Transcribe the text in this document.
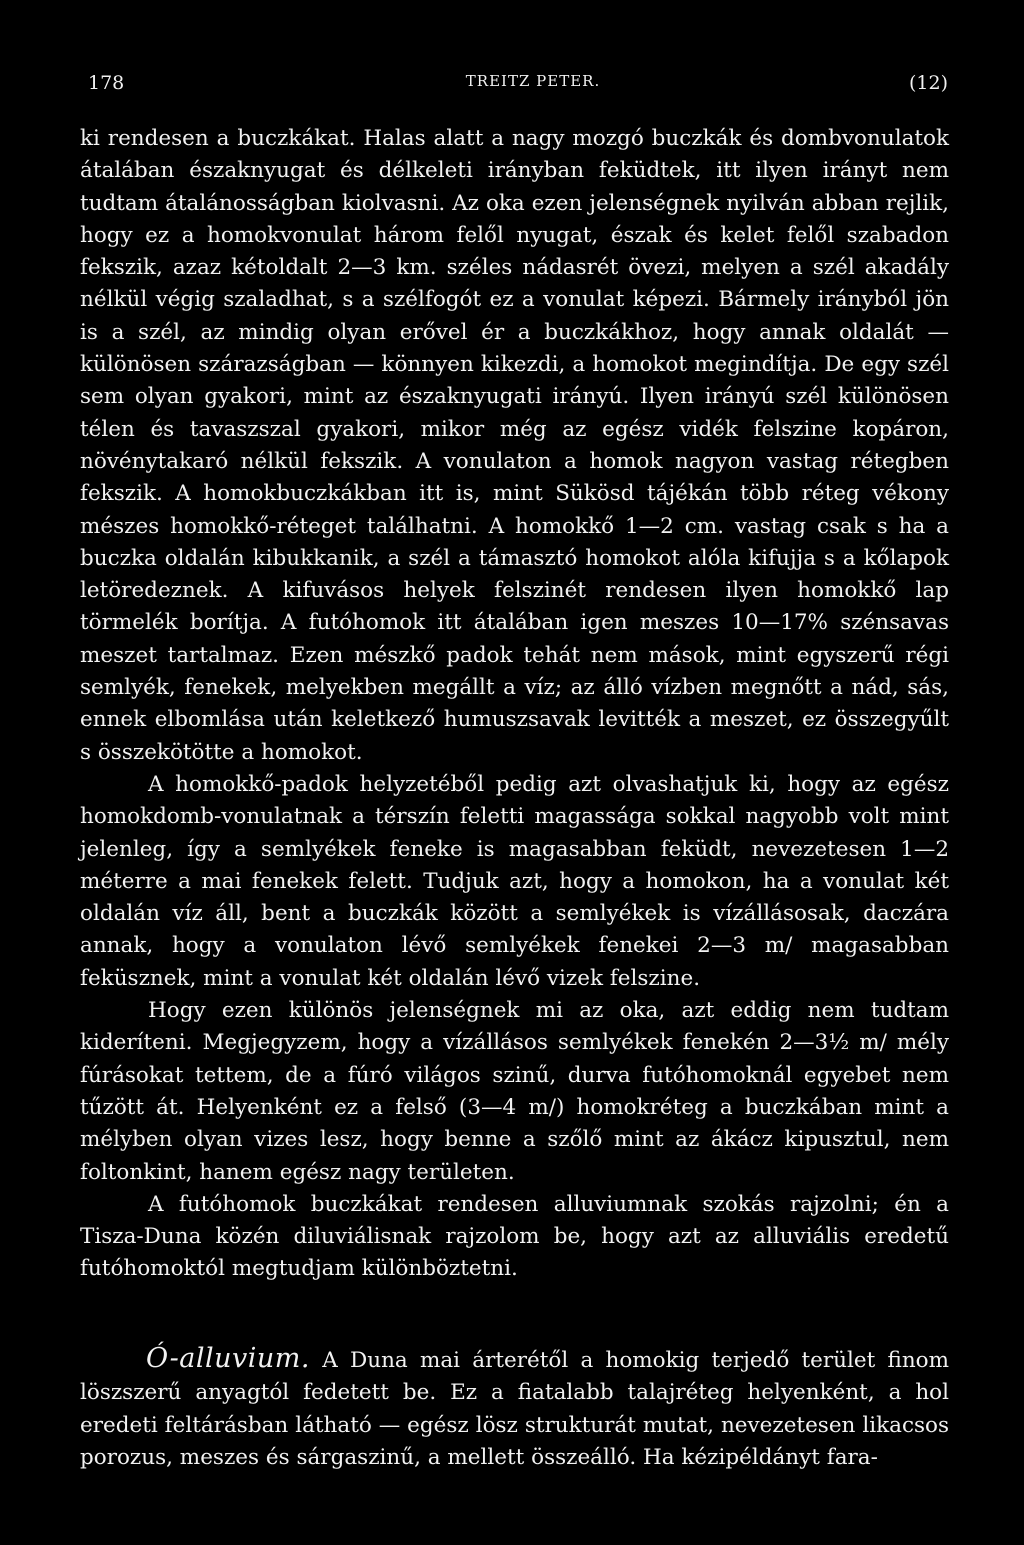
178	TREITZ PETER.	(12)

ki rendesen a buczkákat. Halas alatt a nagy mozgó buczkák és dombvonulatok átalában északnyugat és délkeleti irányban feküdtek, itt ilyen irányt nem tudtam átalánosságban kiolvasni. Az oka ezen jelenségnek nyilván abban rejlik, hogy ez a homokvonulat három felől nyugat, észak és kelet felől szabadon fekszik, azaz kétoldalt 2—3 km. széles nádasrét övezi, melyen a szél akadály nélkül végig szaladhat, s a szélfogót ez a vonulat képezi. Bármely irányból jön is a szél, az mindig olyan erővel ér a buczkákhoz, hogy annak oldalát — különösen szárazságban — könnyen kikezdi, a homokot megindítja. De egy szél sem olyan gyakori, mint az északnyugati irányú. Ilyen irányú szél különösen télen és tavaszszal gyakori, mikor még az egész vidék felszine kopáron, növénytakaró nélkül fekszik. A vonulaton a homok nagyon vastag rétegben fekszik. A homokbuczkákban itt is, mint Sükösd tájékán több réteg vékony mészes homokkő-réteget találhatni. A homokkő 1—2 cm. vastag csak s ha a buczka oldalán kibukkanik, a szél a támasztó homokot alóla kifujja s a kőlapok letöredeznek. A kifuvásos helyek felszinét rendesen ilyen homokkő lap törmelék borítja. A futóhomok itt átalában igen meszes 10—17% szénsavas meszet tartalmaz. Ezen mészkő padok tehát nem mások, mint egyszerű régi semlyék, fenekek, melyekben megállt a víz; az álló vízben megnőtt a nád, sás, ennek elbomlása után keletkező humuszsavak levitték a meszet, ez összegyűlt s összekötötte a homokot.

A homokkő-padok helyzetéből pedig azt olvashatjuk ki, hogy az egész homokdomb-vonulatnak a térszín feletti magassága sokkal nagyobb volt mint jelenleg, így a semlyékek feneke is magasabban feküdt, nevezetesen 1—2 méterre a mai fenekek felett. Tudjuk azt, hogy a homokon, ha a vonulat két oldalán víz áll, bent a buczkák között a semlyékek is vízállásosak, daczára annak, hogy a vonulaton lévő semlyékek fenekei 2—3 m/ magasabban feküsznek, mint a vonulat két oldalán lévő vizek felszine.

Hogy ezen különös jelenségnek mi az oka, azt eddig nem tudtam kideríteni. Megjegyzem, hogy a vízállásos semlyékek fenekén 2—3½ m/ mély fúrásokat tettem, de a fúró világos szinű, durva futóhomoknál egyebet nem tűzött át. Helyenként ez a felső (3—4 m/) homokréteg a buczkában mint a mélyben olyan vizes lesz, hogy benne a szőlő mint az ákácz kipusztul, nem foltonkint, hanem egész nagy területen.

A futóhomok buczkákat rendesen alluviumnak szokás rajzolni; én a Tisza-Duna közén diluviálisnak rajzolom be, hogy azt az alluviális eredetű futóhomoktól megtudjam különböztetni.

Ó-alluvium. A Duna mai árterétől a homokig terjedő terület finom löszszerű anyagtól fedetett be. Ez a fiatalabb talajréteg helyenként, a hol eredeti feltárásban látható — egész lösz strukturát mutat, nevezetesen likacsos porozus, meszes és sárgaszinű, a mellett összeálló. Ha kézipéldányt fara-
